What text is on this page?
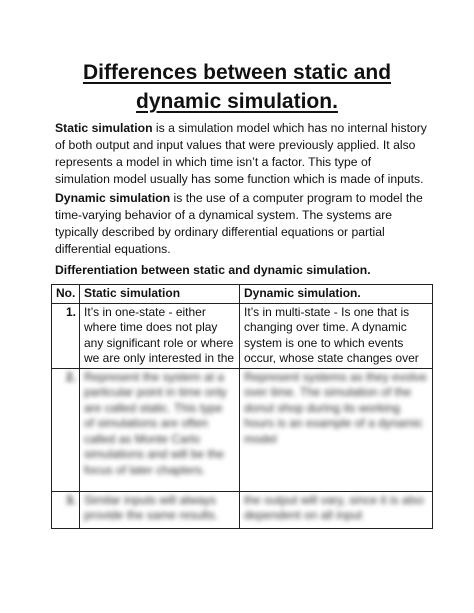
Differences between static and dynamic simulation.
Static simulation is a simulation model which has no internal history of both output and input values that were previously applied. It also represents a model in which time isn’t a factor. This type of simulation model usually has some function which is made of inputs.
Dynamic simulation is the use of a computer program to model the time-varying behavior of a dynamical system. The systems are typically described by ordinary differential equations or partial differential equations.
Differentiation between static and dynamic simulation.
No.	Static simulation	Dynamic simulation.
1.	It’s in one-state - either where time does not play any significant role or where we are only interested in the	It’s in multi-state - Is one that is changing over time. A dynamic system is one to which events occur, whose state changes over

2.	Represent the system at a particular point in time only are called static. This type of simulations are often called as Monte Carlo simulations and will be the focus of later chapters.	Represent systems as they evolve over time. The simulation of the donut shop during its working hours is an example of a dynamic model
3.	Similar inputs will always provide the same results.	the output will vary, since it is also dependent on all input
